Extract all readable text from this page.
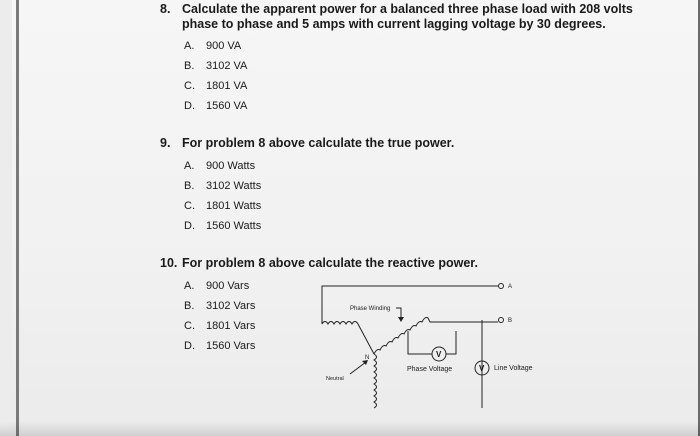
8. Calculate the apparent power for a balanced three phase load with 208 volts phase to phase and 5 amps with current lagging voltage by 30 degrees.
A. 900 VA
B. 3102 VA
C. 1801 VA
D. 1560 VA
9. For problem 8 above calculate the true power.
A. 900 Watts
B. 3102 Watts
C. 1801 Watts
D. 1560 Watts
10. For problem 8 above calculate the reactive power.
A. 900 Vars
B. 3102 Vars
C. 1801 Vars
D. 1560 Vars
Phase Winding
N
Neutral
Phase Voltage	Line Voltage
A
B
V
V
